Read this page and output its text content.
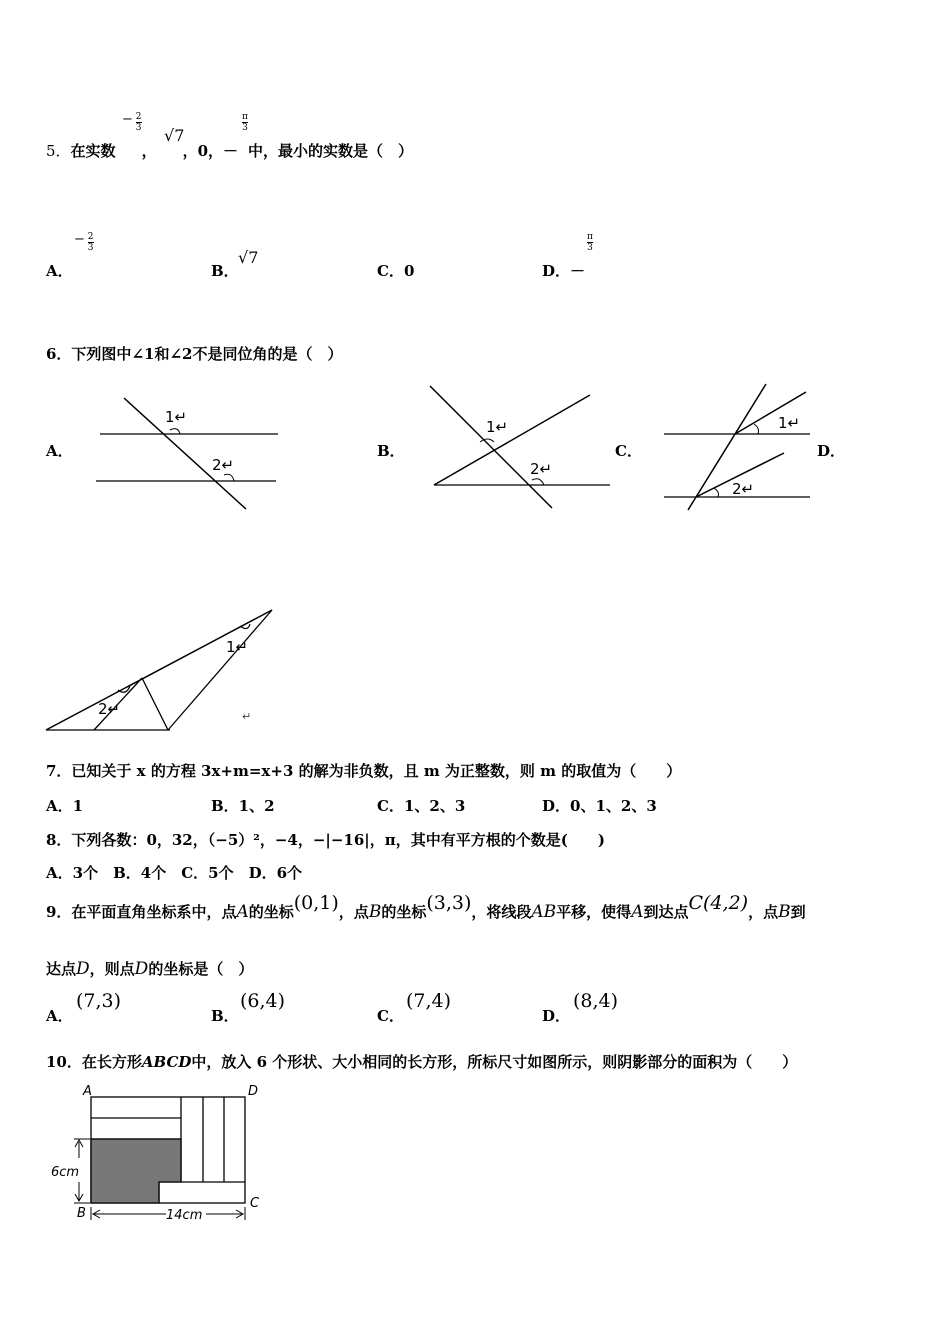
− $\frac{2}{3}$
√7
$\frac{\pi}{3}$
5．在实数 ， ，0，－ 中，最小的实数是（　）
A．
− $\frac{2}{3}$
B．
√7
C．0	D．－
$\frac{\pi}{3}$
6．下列图中∠1和∠2不是同位角的是（　）
A．
1↵
2↵
B．
1↵
2↵
C．
1↵
2↵
D．
1↵
2↵	↵
7．已知关于 x 的方程 3x+m=x+3 的解为非负数，且 m 为正整数，则 m 的取值为（　　）
A．1	B．1、2	C．1、2、3	D．0、1、2、3
8．下列各数：0，32，（−5）²，−4，−|−16|，π，其中有平方根的个数是(　　)
A．3个　B．4个　C．5个　D．6个
9．在平面直角坐标系中，点A的坐标(0,1)，点B的坐标(3,3)，将线段AB平移，使得A到达点C(4,2)，点B到
达点D，则点D的坐标是（　）
A．
(7,3)
B．
(6,4)
C．
(7,4)
D．
(8,4)
10．在长方形ABCD中，放入 6 个形状、大小相同的长方形，所标尺寸如图所示，则阴影部分的面积为（　　）
A	D
B
C
6cm
14cm
